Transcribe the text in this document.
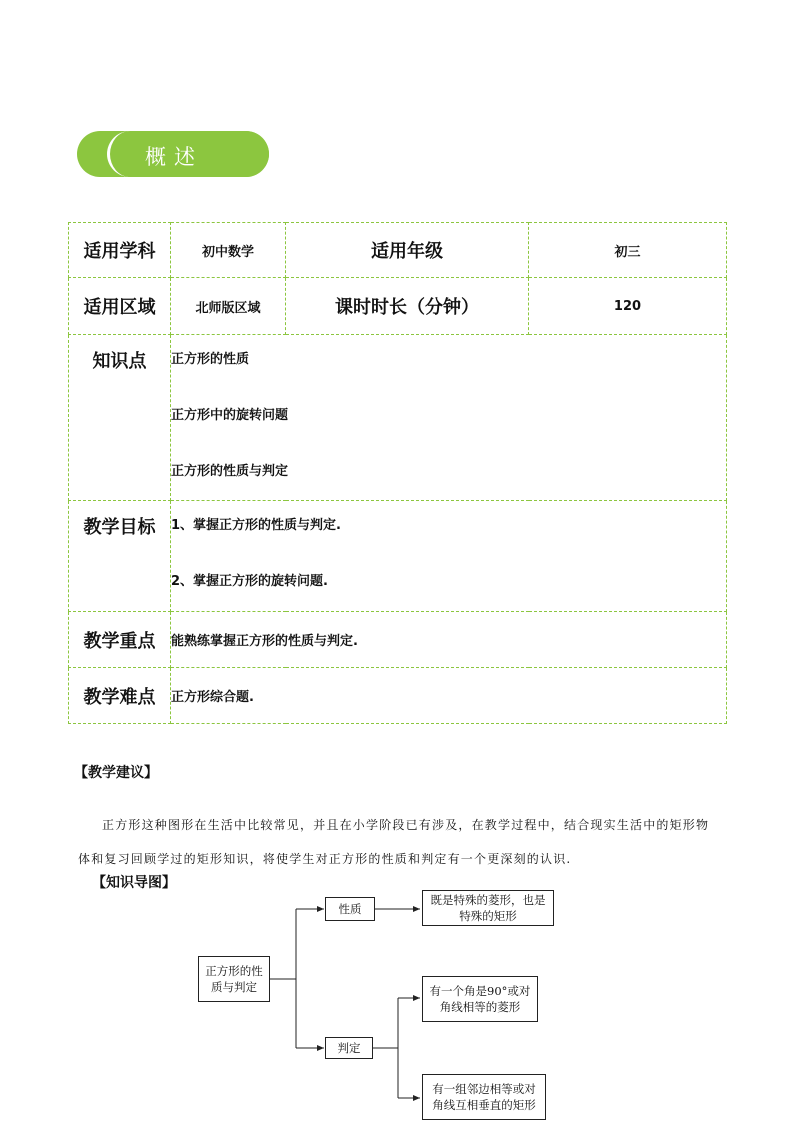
概述
适用学科	初中数学	适用年级	初三
适用区域	北师版区域	课时时长（分钟）	120
知识点	正方形的性质
正方形中的旋转问题
正方形的性质与判定		

教学目标	1、掌握正方形的性质与判定.
2、掌握正方形的旋转问题.		

教学重点	能熟练掌握正方形的性质与判定.		
教学难点	正方形综合题.		
【教学建议】
正方形这种图形在生活中比较常见，并且在小学阶段已有涉及，在教学过程中，结合现实生活中的矩形物体和复习回顾学过的矩形知识，将使学生对正方形的性质和判定有一个更深刻的认识.
【知识导图】
正方形的性质与判定
性质
既是特殊的菱形，也是特殊的矩形
判定
有一个角是90°或对角线相等的菱形
有一组邻边相等或对角线互相垂直的矩形
